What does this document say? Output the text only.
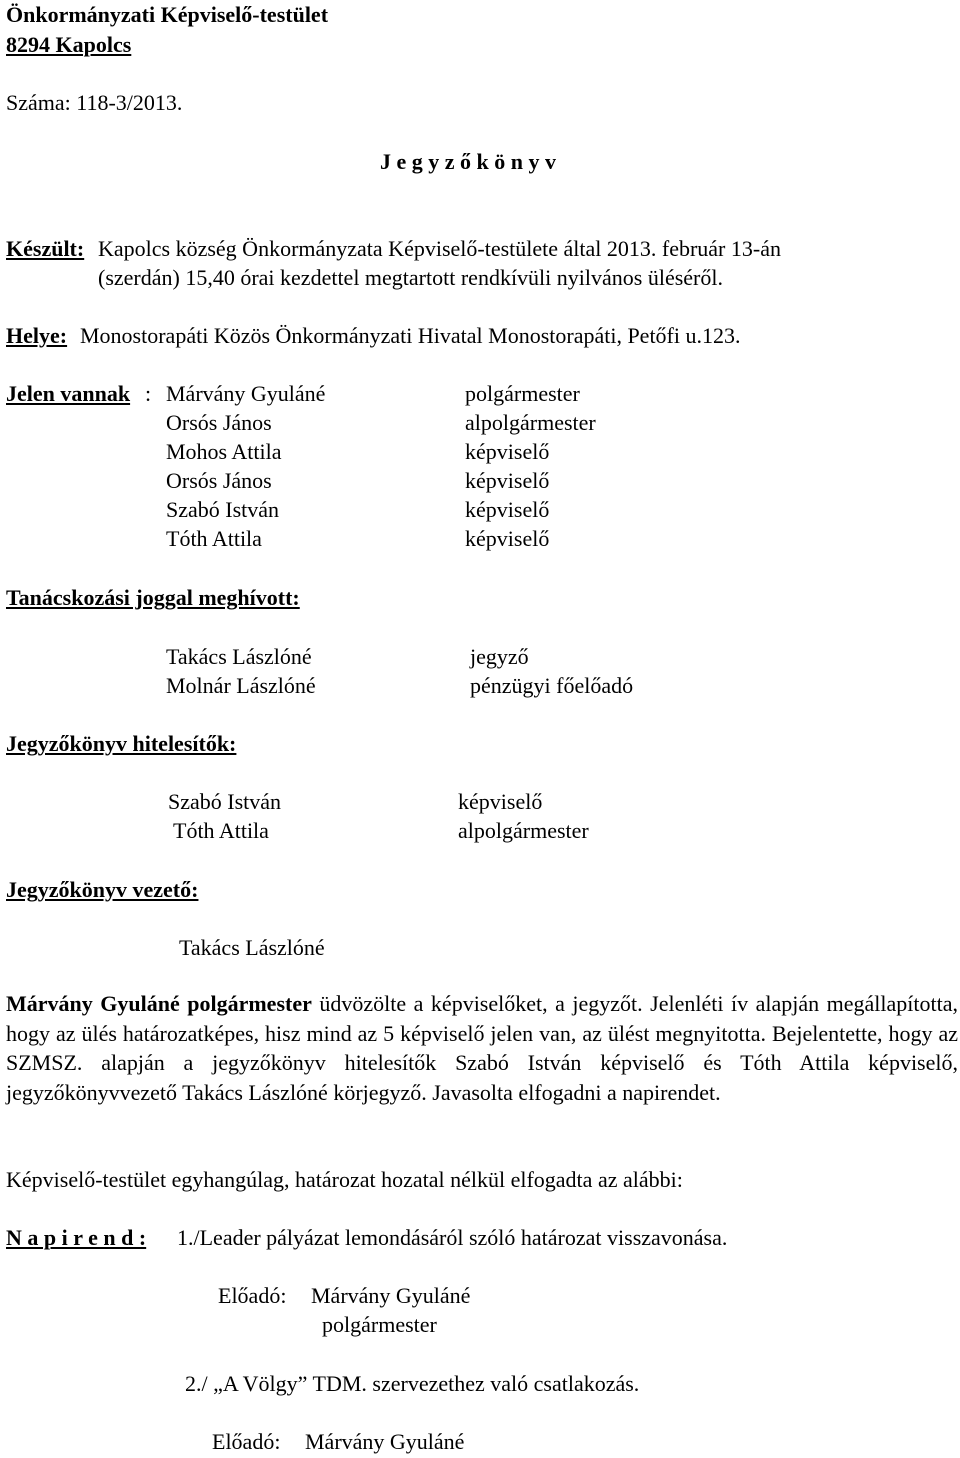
Önkormányzati Képviselő-testület
8294 Kapolcs
Száma: 118-3/2013.
J e g y z ő k ö n y v
Készült: Kapolcs község Önkormányzata Képviselő-testülete által 2013. február 13-án
(szerdán) 15,40 órai kezdettel megtartott rendkívüli nyilvános üléséről.
Helye: Monostorapáti Közös Önkormányzati Hivatal Monostorapáti, Petőfi u.123.
Jelen vannak : Márvány Gyuláné	polgármester
Orsós János	alpolgármester
Mohos Attila	képviselő
Orsós János	képviselő
Szabó István	képviselő
Tóth Attila	képviselő
Tanácskozási joggal meghívott:
Takács Lászlóné	jegyző
Molnár Lászlóné	pénzügyi főelőadó
Jegyzőkönyv hitelesítők:
Szabó István	képviselő
Tóth Attila	alpolgármester
Jegyzőkönyv vezető:
Takács Lászlóné
Márvány Gyuláné polgármester üdvözölte a képviselőket, a jegyzőt. Jelenléti ív alapján megállapította, hogy az ülés határozatképes, hisz mind az 5 képviselő jelen van, az ülést megnyitotta. Bejelentette, hogy az SZMSZ. alapján a jegyzőkönyv hitelesítők Szabó István képviselő és Tóth Attila képviselő, jegyzőkönyvvezető Takács Lászlóné körjegyző. Javasolta elfogadni a napirendet.
Képviselő-testület egyhangúlag, határozat hozatal nélkül elfogadta az alábbi:
N a p i r e n d : 1./Leader pályázat lemondásáról szóló határozat visszavonása.
Előadó: Márvány Gyuláné
polgármester
2./ „A Völgy” TDM. szervezethez való csatlakozás.
Előadó: Márvány Gyuláné
